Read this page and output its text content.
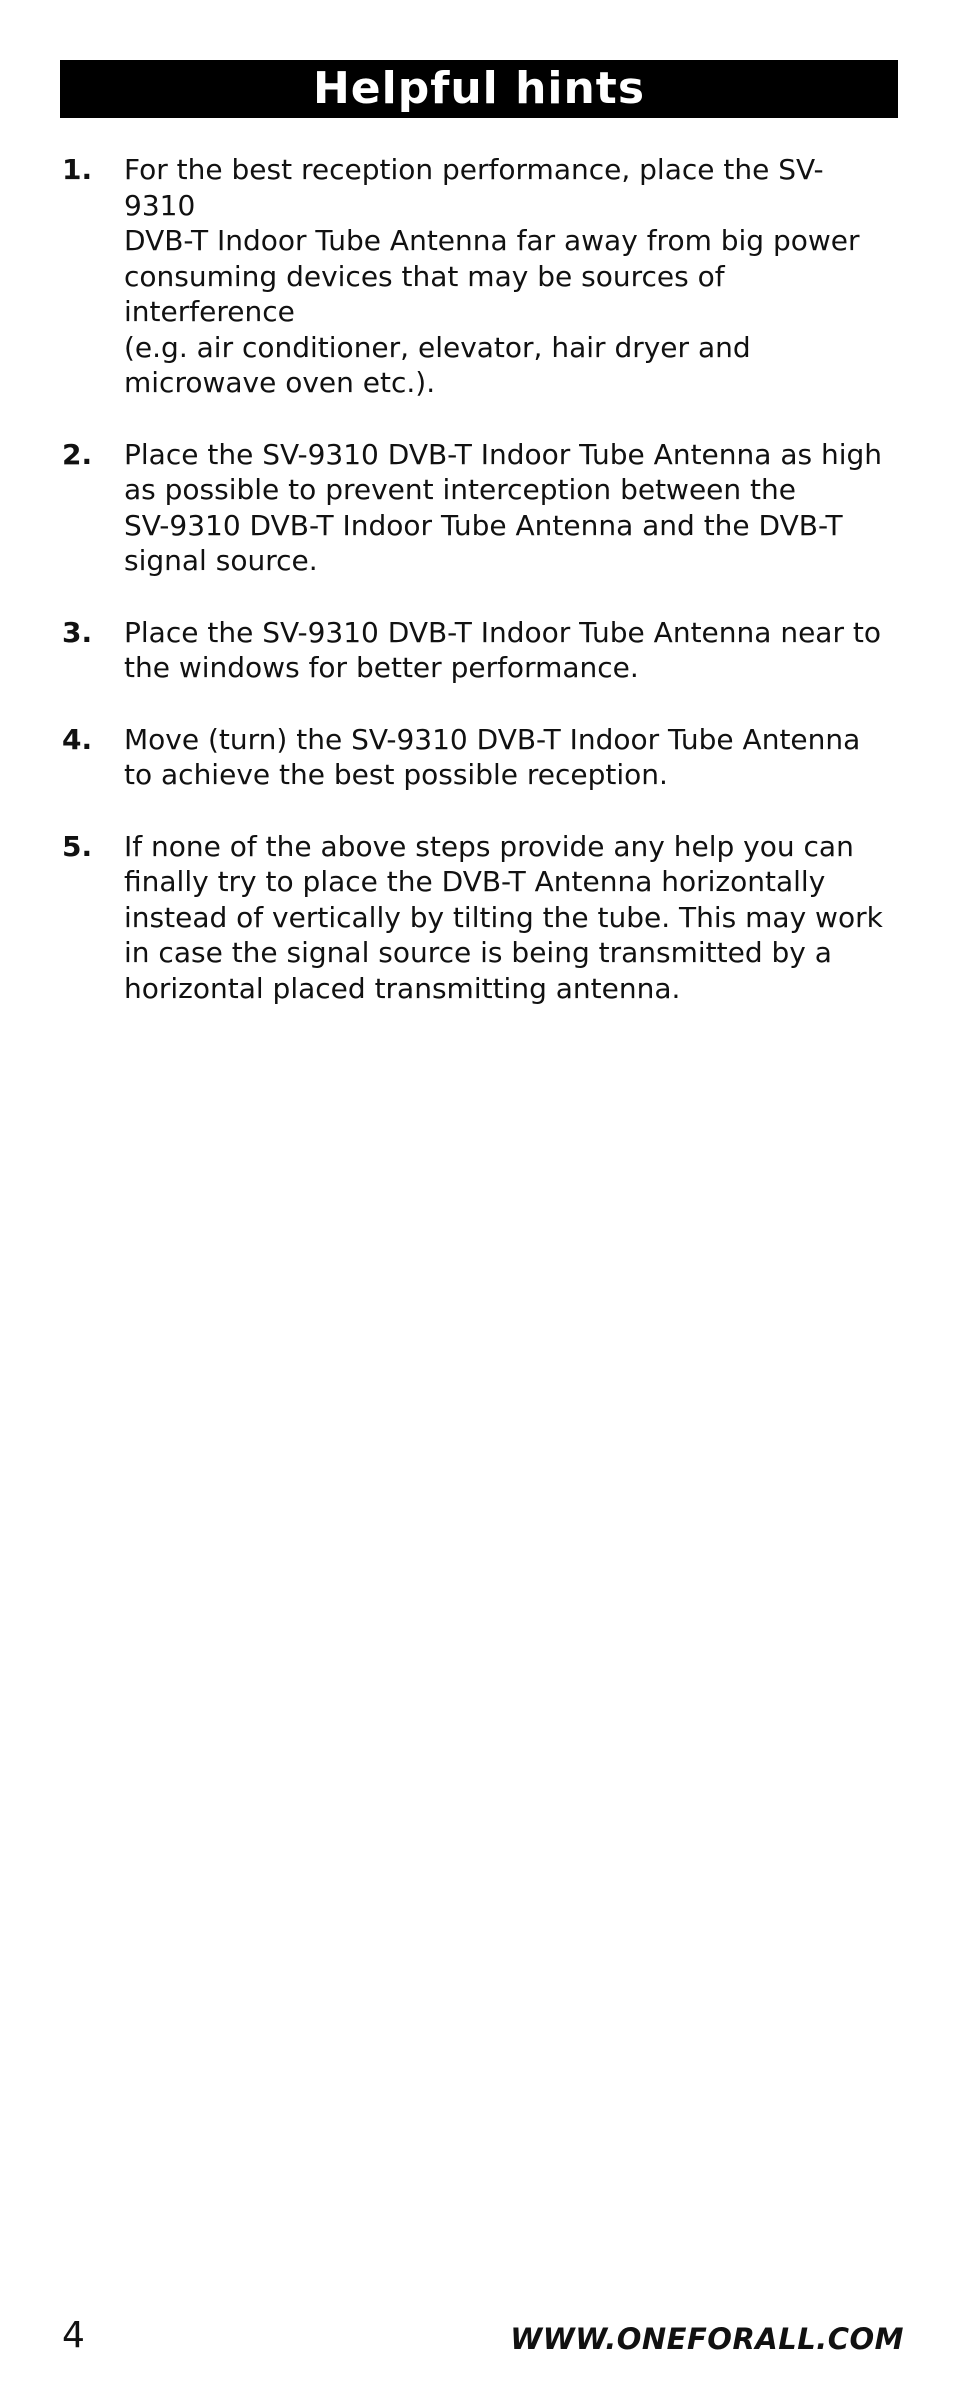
Helpful hints
1.	For the best reception performance, place the SV-9310
DVB-T Indoor Tube Antenna far away from big power
consuming devices that may be sources of interference
(e.g. air conditioner, elevator, hair dryer and
microwave oven etc.).
2.	Place the SV-9310 DVB-T Indoor Tube Antenna as high
as possible to prevent interception between the
SV-9310 DVB-T Indoor Tube Antenna and the DVB-T
signal source.
3.	Place the SV-9310 DVB-T Indoor Tube Antenna near to
the windows for better performance.
4.	Move (turn) the SV-9310 DVB-T Indoor Tube Antenna
to achieve the best possible reception.
5.	If none of the above steps provide any help you can
finally try to place the DVB-T Antenna horizontally
instead of vertically by tilting the tube. This may work
in case the signal source is being transmitted by a
horizontal placed transmitting antenna.
4	WWW.ONEFORALL.COM
